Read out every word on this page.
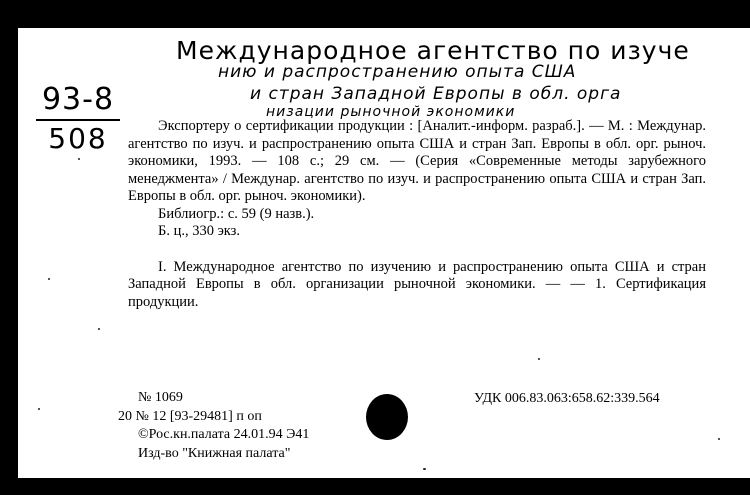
Международное агентство по изуче
нию и распространению опыта США
и стран Западной Европы в обл. орга
низации рыночной экономики
93-8
508	Экспортеру о сертификации продукции : [Аналит.-информ. разраб.]. — М. : Междунар. агентство по изуч. и распространению опыта США и стран Зап. Европы в обл. орг. рыноч. экономики, 1993. — 108 с.; 29 см. — (Серия «Современные методы зарубежного менеджмента» / Междунар. агентство по изуч. и распространению опыта США и стран Зап. Европы в обл. орг. рыноч. экономики).

Библиогр.: с. 59 (9 назв.).

Б. ц., 330 экз.

I. Международное агентство по изучению и распространению опыта США и стран Западной Европы в обл. организации рыночной экономики. — — 1. Сертификация продукции.

№ 1069
20 № 12 [93-29481] п оп
©Рос.кн.палата 24.01.94 Э41
Изд-во "Книжная палата"
УДК 006.83.063:658.62:339.564
